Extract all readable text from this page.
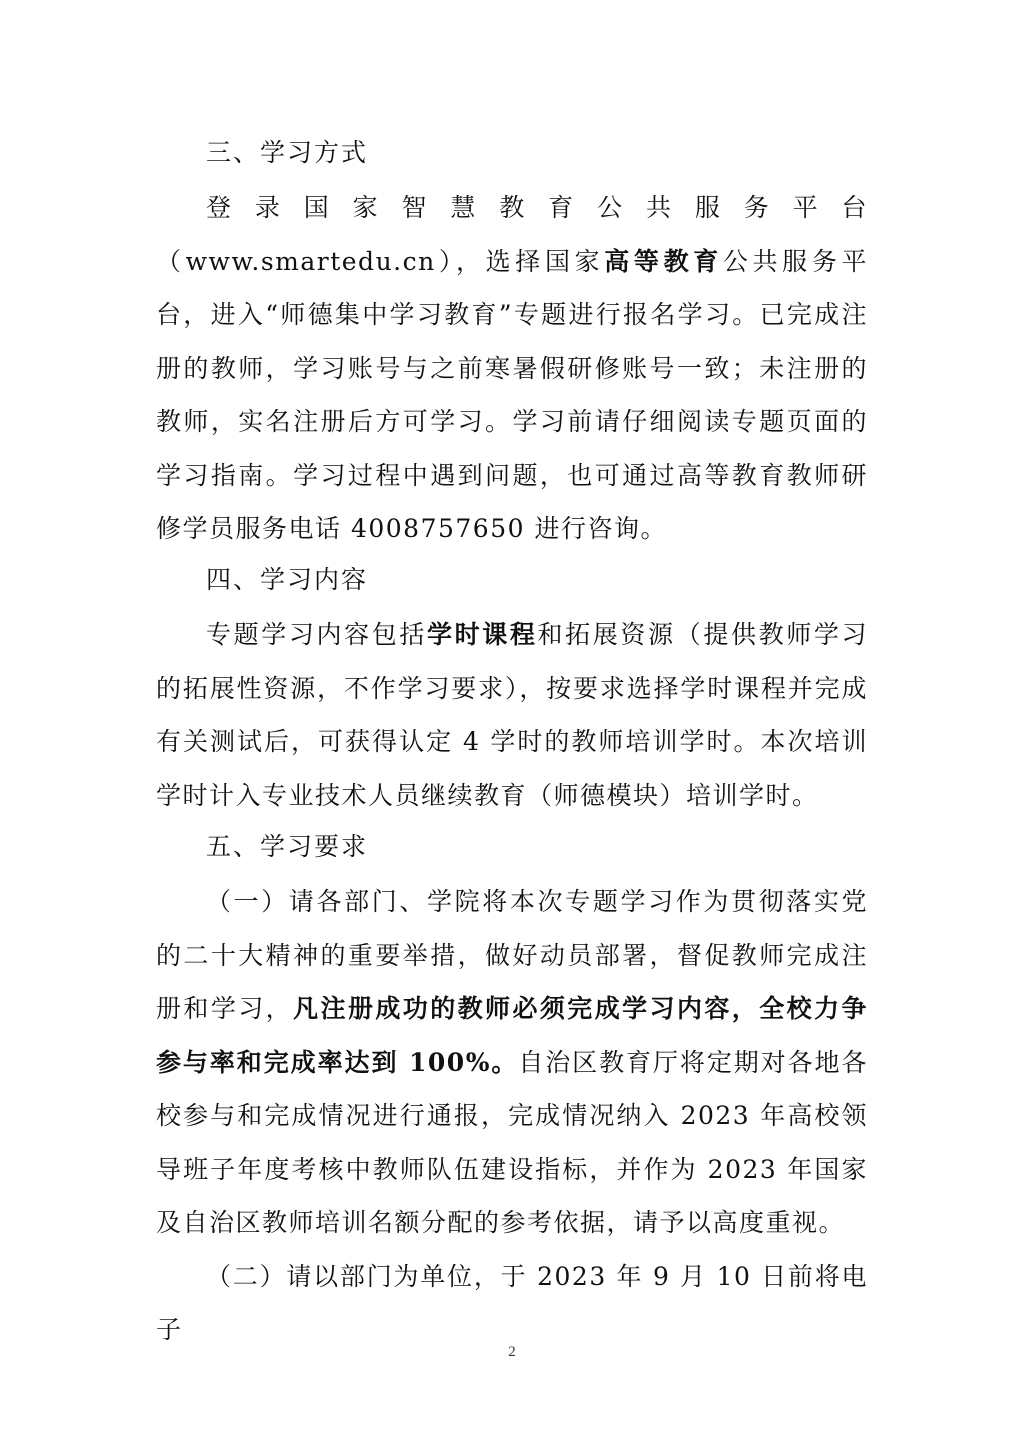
三、学习方式

登录国家智慧教育公共服务平台（www.smartedu.cn），选择国家高等教育公共服务平台，进入“师德集中学习教育”专题进行报名学习。已完成注册的教师，学习账号与之前寒暑假研修账号一致；未注册的教师，实名注册后方可学习。学习前请仔细阅读专题页面的学习指南。学习过程中遇到问题，也可通过高等教育教师研修学员服务电话 4008757650 进行咨询。

四、学习内容

专题学习内容包括学时课程和拓展资源（提供教师学习的拓展性资源，不作学习要求），按要求选择学时课程并完成有关测试后，可获得认定 4 学时的教师培训学时。本次培训学时计入专业技术人员继续教育（师德模块）培训学时。

五、学习要求

（一）请各部门、学院将本次专题学习作为贯彻落实党的二十大精神的重要举措，做好动员部署，督促教师完成注册和学习，凡注册成功的教师必须完成学习内容，全校力争参与率和完成率达到 100%。自治区教育厅将定期对各地各校参与和完成情况进行通报，完成情况纳入 2023 年高校领导班子年度考核中教师队伍建设指标，并作为 2023 年国家及自治区教师培训名额分配的参考依据，请予以高度重视。

（二）请以部门为单位，于 2023 年 9 月 10 日前将电子

2
